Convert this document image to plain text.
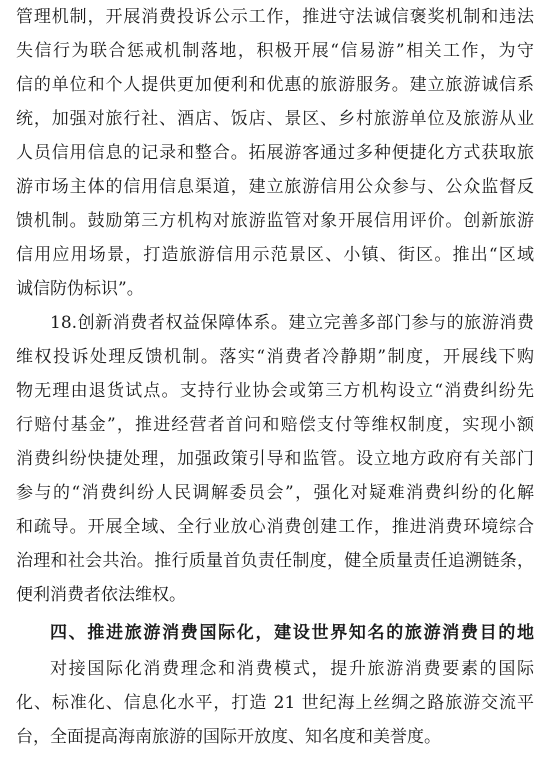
管理机制，开展消费投诉公示工作，推进守法诚信褒奖机制和违法
失信行为联合惩戒机制落地，积极开展“信易游”相关工作，为守
信的单位和个人提供更加便利和优惠的旅游服务。建立旅游诚信系
统，加强对旅行社、酒店、饭店、景区、乡村旅游单位及旅游从业
人员信用信息的记录和整合。拓展游客通过多种便捷化方式获取旅
游市场主体的信用信息渠道，建立旅游信用公众参与、公众监督反
馈机制。鼓励第三方机构对旅游监管对象开展信用评价。创新旅游
信用应用场景，打造旅游信用示范景区、小镇、街区。推出“区域
诚信防伪标识”。
18.创新消费者权益保障体系。建立完善多部门参与的旅游消费
维权投诉处理反馈机制。落实“消费者冷静期”制度，开展线下购
物无理由退货试点。支持行业协会或第三方机构设立“消费纠纷先
行赔付基金”，推进经营者首问和赔偿支付等维权制度，实现小额
消费纠纷快捷处理，加强政策引导和监管。设立地方政府有关部门
参与的“消费纠纷人民调解委员会”，强化对疑难消费纠纷的化解
和疏导。开展全域、全行业放心消费创建工作，推进消费环境综合
治理和社会共治。推行质量首负责任制度，健全质量责任追溯链条，
便利消费者依法维权。
四、推进旅游消费国际化，建设世界知名的旅游消费目的地
对接国际化消费理念和消费模式，提升旅游消费要素的国际
化、标准化、信息化水平，打造 21 世纪海上丝绸之路旅游交流平
台，全面提高海南旅游的国际开放度、知名度和美誉度。
